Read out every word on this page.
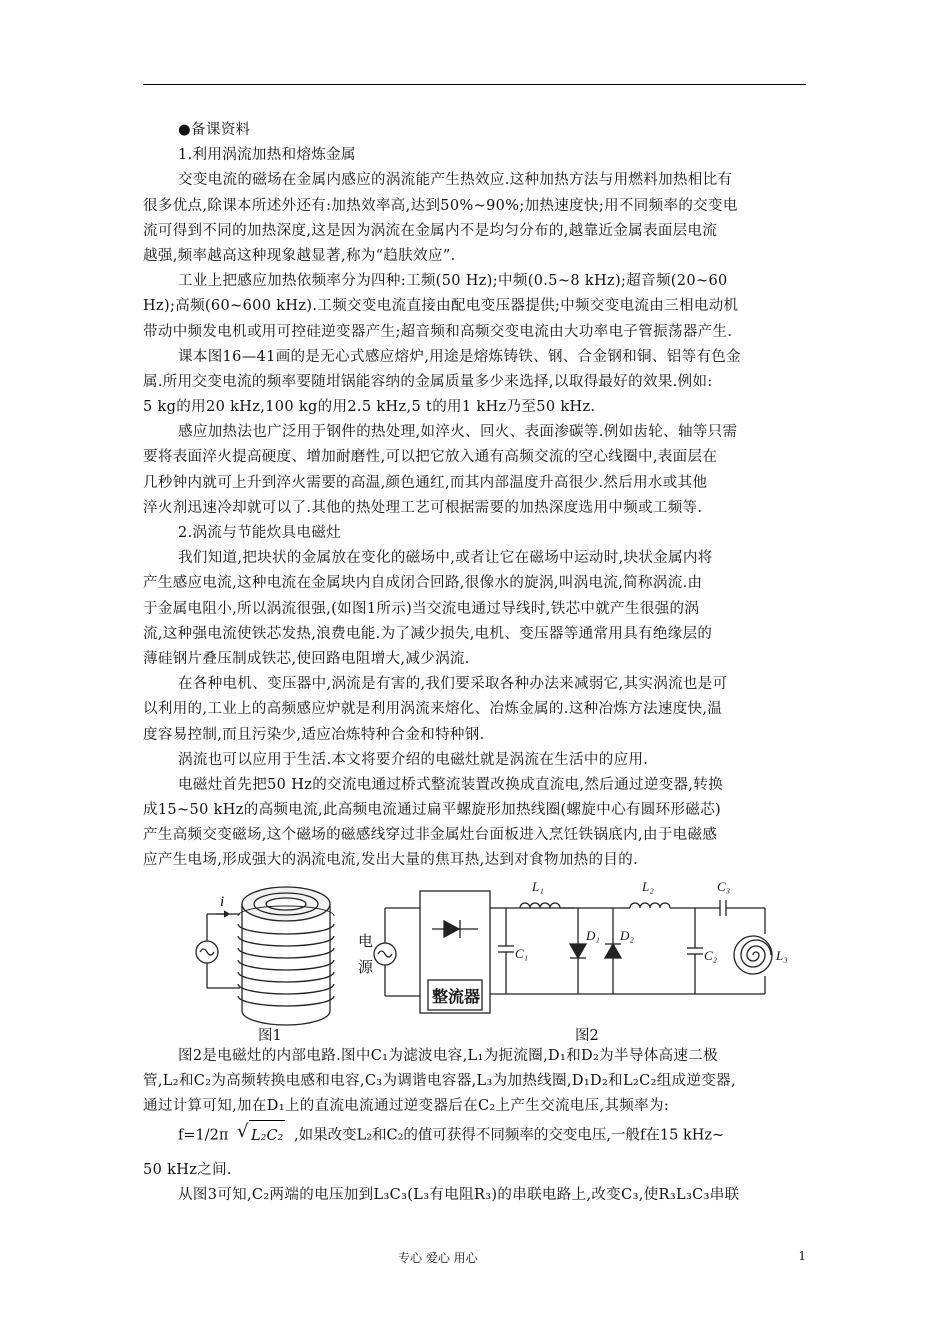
●备课资料
1.利用涡流加热和熔炼金属
交变电流的磁场在金属内感应的涡流能产生热效应.这种加热方法与用燃料加热相比有
很多优点,除课本所述外还有:加热效率高,达到50%~90%;加热速度快;用不同频率的交变电
流可得到不同的加热深度,这是因为涡流在金属内不是均匀分布的,越靠近金属表面层电流
越强,频率越高这种现象越显著,称为“趋肤效应”.
工业上把感应加热依频率分为四种:工频(50 Hz);中频(0.5~8 kHz);超音频(20~60
Hz);高频(60~600 kHz).工频交变电流直接由配电变压器提供;中频交变电流由三相电动机
带动中频发电机或用可控硅逆变器产生;超音频和高频交变电流由大功率电子管振荡器产生.
课本图16—41画的是无心式感应熔炉,用途是熔炼铸铁、钢、合金钢和铜、铝等有色金
属.所用交变电流的频率要随坩锅能容纳的金属质量多少来选择,以取得最好的效果.例如:
5 kg的用20 kHz,100 kg的用2.5 kHz,5 t的用1 kHz乃至50 kHz.
感应加热法也广泛用于钢件的热处理,如淬火、回火、表面渗碳等.例如齿轮、轴等只需
要将表面淬火提高硬度、增加耐磨性,可以把它放入通有高频交流的空心线圈中,表面层在
几秒钟内就可上升到淬火需要的高温,颜色通红,而其内部温度升高很少.然后用水或其他
淬火剂迅速冷却就可以了.其他的热处理工艺可根据需要的加热深度选用中频或工频等.
2.涡流与节能炊具电磁灶
我们知道,把块状的金属放在变化的磁场中,或者让它在磁场中运动时,块状金属内将
产生感应电流,这种电流在金属块内自成闭合回路,很像水的旋涡,叫涡电流,简称涡流.由
于金属电阻小,所以涡流很强,(如图1所示)当交流电通过导线时,铁芯中就产生很强的涡
流,这种强电流使铁芯发热,浪费电能.为了减少损失,电机、变压器等通常用具有绝缘层的
薄硅钢片叠压制成铁芯,使回路电阻增大,减少涡流.
在各种电机、变压器中,涡流是有害的,我们要采取各种办法来减弱它,其实涡流也是可
以利用的,工业上的高频感应炉就是利用涡流来熔化、冶炼金属的.这种冶炼方法速度快,温
度容易控制,而且污染少,适应冶炼特种合金和特种钢.
涡流也可以应用于生活.本文将要介绍的电磁灶就是涡流在生活中的应用.
电磁灶首先把50 Hz的交流电通过桥式整流装置改换成直流电,然后通过逆变器,转换
成15~50 kHz的高频电流,此高频电流通过扁平螺旋形加热线圈(螺旋中心有圆环形磁芯)
产生高频交变磁场,这个磁场的磁感线穿过非金属灶台面板进入烹饪铁锅底内,由于电磁感
应产生电场,形成强大的涡流电流,发出大量的焦耳热,达到对食物加热的目的.
i
电
源
整流器
L₁	L₂	C₃
C₁
D₁ D₂
C₂	L₃
图1	图2
图2是电磁灶的内部电路.图中C₁为滤波电容,L₁为扼流圈,D₁和D₂为半导体高速二极
管,L₂和C₂为高频转换电感和电容,C₃为调谐电容器,L₃为加热线圈,D₁D₂和L₂C₂组成逆变器,
通过计算可知,加在D₁上的直流电流通过逆变器后在C₂上产生交流电压,其频率为:
f=1/2π √ L₂C₂ ,如果改变L₂和C₂的值可获得不同频率的交变电压,一般f在15 kHz~
50 kHz之间.
从图3可知,C₂两端的电压加到L₃C₃(L₃有电阻R₃)的串联电路上,改变C₃,使R₃L₃C₃串联
专心 爱心 用心	1
